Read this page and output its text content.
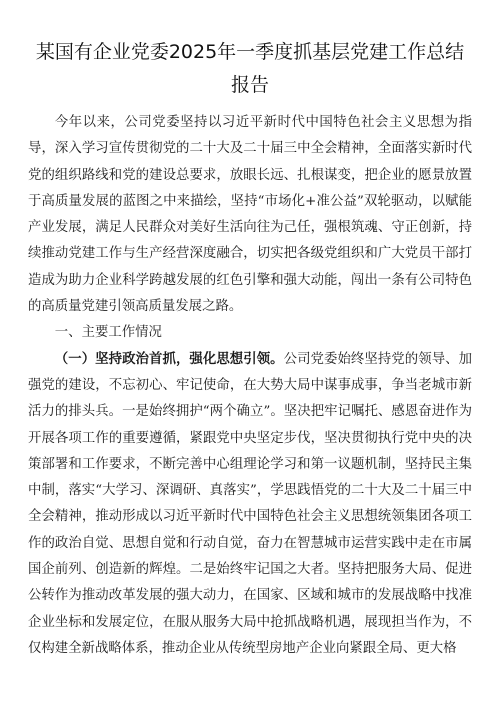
某国有企业党委2025年一季度抓基层党建工作总结报告

今年以来，公司党委坚持以习近平新时代中国特色社会主义思想为指导，深入学习宣传贯彻党的二十大及二十届三中全会精神，全面落实新时代党的组织路线和党的建设总要求，放眼长远、扎根谋变，把企业的愿景放置于高质量发展的蓝图之中来描绘，坚持“市场化+准公益”双轮驱动，以赋能产业发展，满足人民群众对美好生活向往为己任，强根筑魂、守正创新，持续推动党建工作与生产经营深度融合，切实把各级党组织和广大党员干部打造成为助力企业科学跨越发展的红色引擎和强大动能，闯出一条有公司特色的高质量党建引领高质量发展之路。

一、主要工作情况

（一）坚持政治首抓，强化思想引领。公司党委始终坚持党的领导、加强党的建设，不忘初心、牢记使命，在大势大局中谋事成事，争当老城市新活力的排头兵。一是始终拥护“两个确立”。坚决把牢记嘱托、感恩奋进作为开展各项工作的重要遵循，紧跟党中央坚定步伐，坚决贯彻执行党中央的决策部署和工作要求，不断完善中心组理论学习和第一议题机制，坚持民主集中制，落实“大学习、深调研、真落实”，学思践悟党的二十大及二十届三中全会精神，推动形成以习近平新时代中国特色社会主义思想统领集团各项工作的政治自觉、思想自觉和行动自觉，奋力在智慧城市运营实践中走在市属国企前列、创造新的辉煌。二是始终牢记国之大者。坚持把服务大局、促进公转作为推动改革发展的强大动力，在国家、区域和城市的发展战略中找准企业坐标和发展定位，在服从服务大局中抢抓战略机遇，展现担当作为，不仅构建全新战略体系，推动企业从传统型房地产企业向紧跟全局、更大格
